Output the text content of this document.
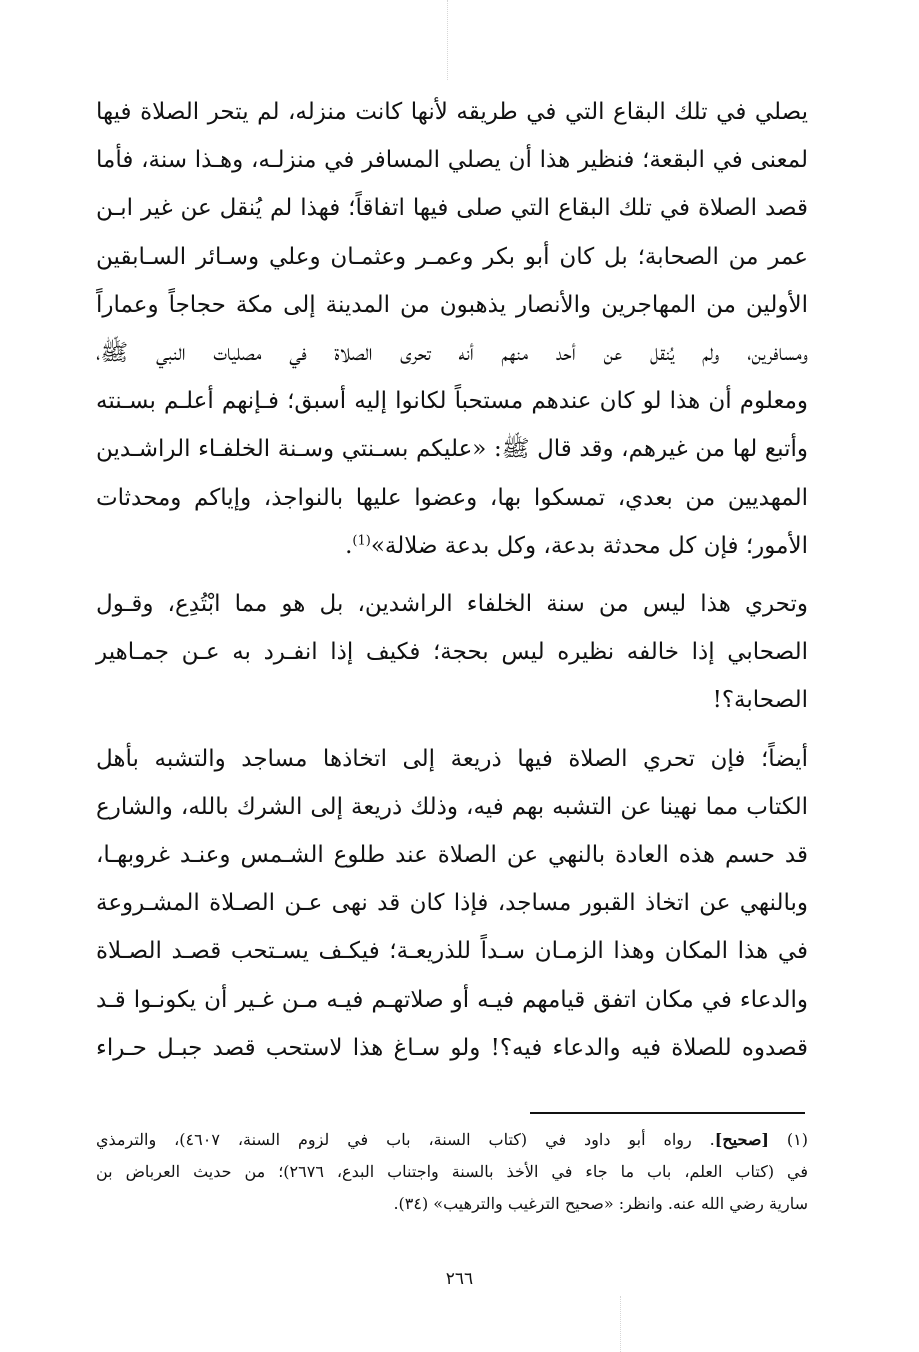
يصلي في تلك البقاع التي في طريقه لأنها كانت منزله، لم يتحر الصلاة فيها
لمعنى في البقعة؛ فنظير هذا أن يصلي المسافر في منزلـه، وهـذا سنة، فأما
قصد الصلاة في تلك البقاع التي صلى فيها اتفاقاً؛ فهذا لم يُنقل عن غير ابـن
عمر من الصحابة؛ بل كان أبو بكر وعمـر وعثمـان وعلي وسـائر السـابقين
الأولين من المهاجرين والأنصار يذهبون من المدينة إلى مكة حجاجاً وعماراً
ومسافرين، ولم يُنقل عن أحد منهم أنه تحرى الصلاة في مصليات النبي ﷺ،
ومعلوم أن هذا لو كان عندهم مستحباً لكانوا إليه أسبق؛ فـإنهم أعلـم بسـنته
وأتبع لها من غيرهم، وقد قال ﷺ: «عليكم بسـنتي وسـنة الخلفـاء الراشـدين
المهديين من بعدي، تمسكوا بها، وعضوا عليها بالنواجذ، وإياكم ومحدثات
الأمور؛ فإن كل محدثة بدعة، وكل بدعة ضلالة»$^{(1)}$.
وتحري هذا ليس من سنة الخلفاء الراشدين، بل هو مما ابْتُدِع، وقـول
الصحابي إذا خالفه نظيره ليس بحجة؛ فكيف إذا انفـرد به عـن جمـاهير
الصحابة؟!
أيضاً؛ فإن تحري الصلاة فيها ذريعة إلى اتخاذها مساجد والتشبه بأهل
الكتاب مما نهينا عن التشبه بهم فيه، وذلك ذريعة إلى الشرك بالله، والشارع
قد حسم هذه العادة بالنهي عن الصلاة عند طلوع الشـمس وعنـد غروبهـا،
وبالنهي عن اتخاذ القبور مساجد، فإذا كان قد نهى عـن الصـلاة المشـروعة
في هذا المكان وهذا الزمـان سـداً للذريعـة؛ فيكـف يسـتحب قصـد الصـلاة
والدعاء في مكان اتفق قيامهم فيـه أو صلاتهـم فيـه مـن غـير أن يكونـوا قـد
قصدوه للصلاة فيه والدعاء فيه؟! ولو سـاغ هذا لاستحب قصد جبـل حـراء
(١) [صحيح]. رواه أبو داود في (كتاب السنة، باب في لزوم السنة، ٤٦٠٧)، والترمذي
في (كتاب العلم، باب ما جاء في الأخذ بالسنة واجتناب البدع، ٢٦٧٦)؛ من حديث العرباض بن
سارية رضي الله عنه. وانظر: «صحيح الترغيب والترهيب» (٣٤).
٢٦٦
